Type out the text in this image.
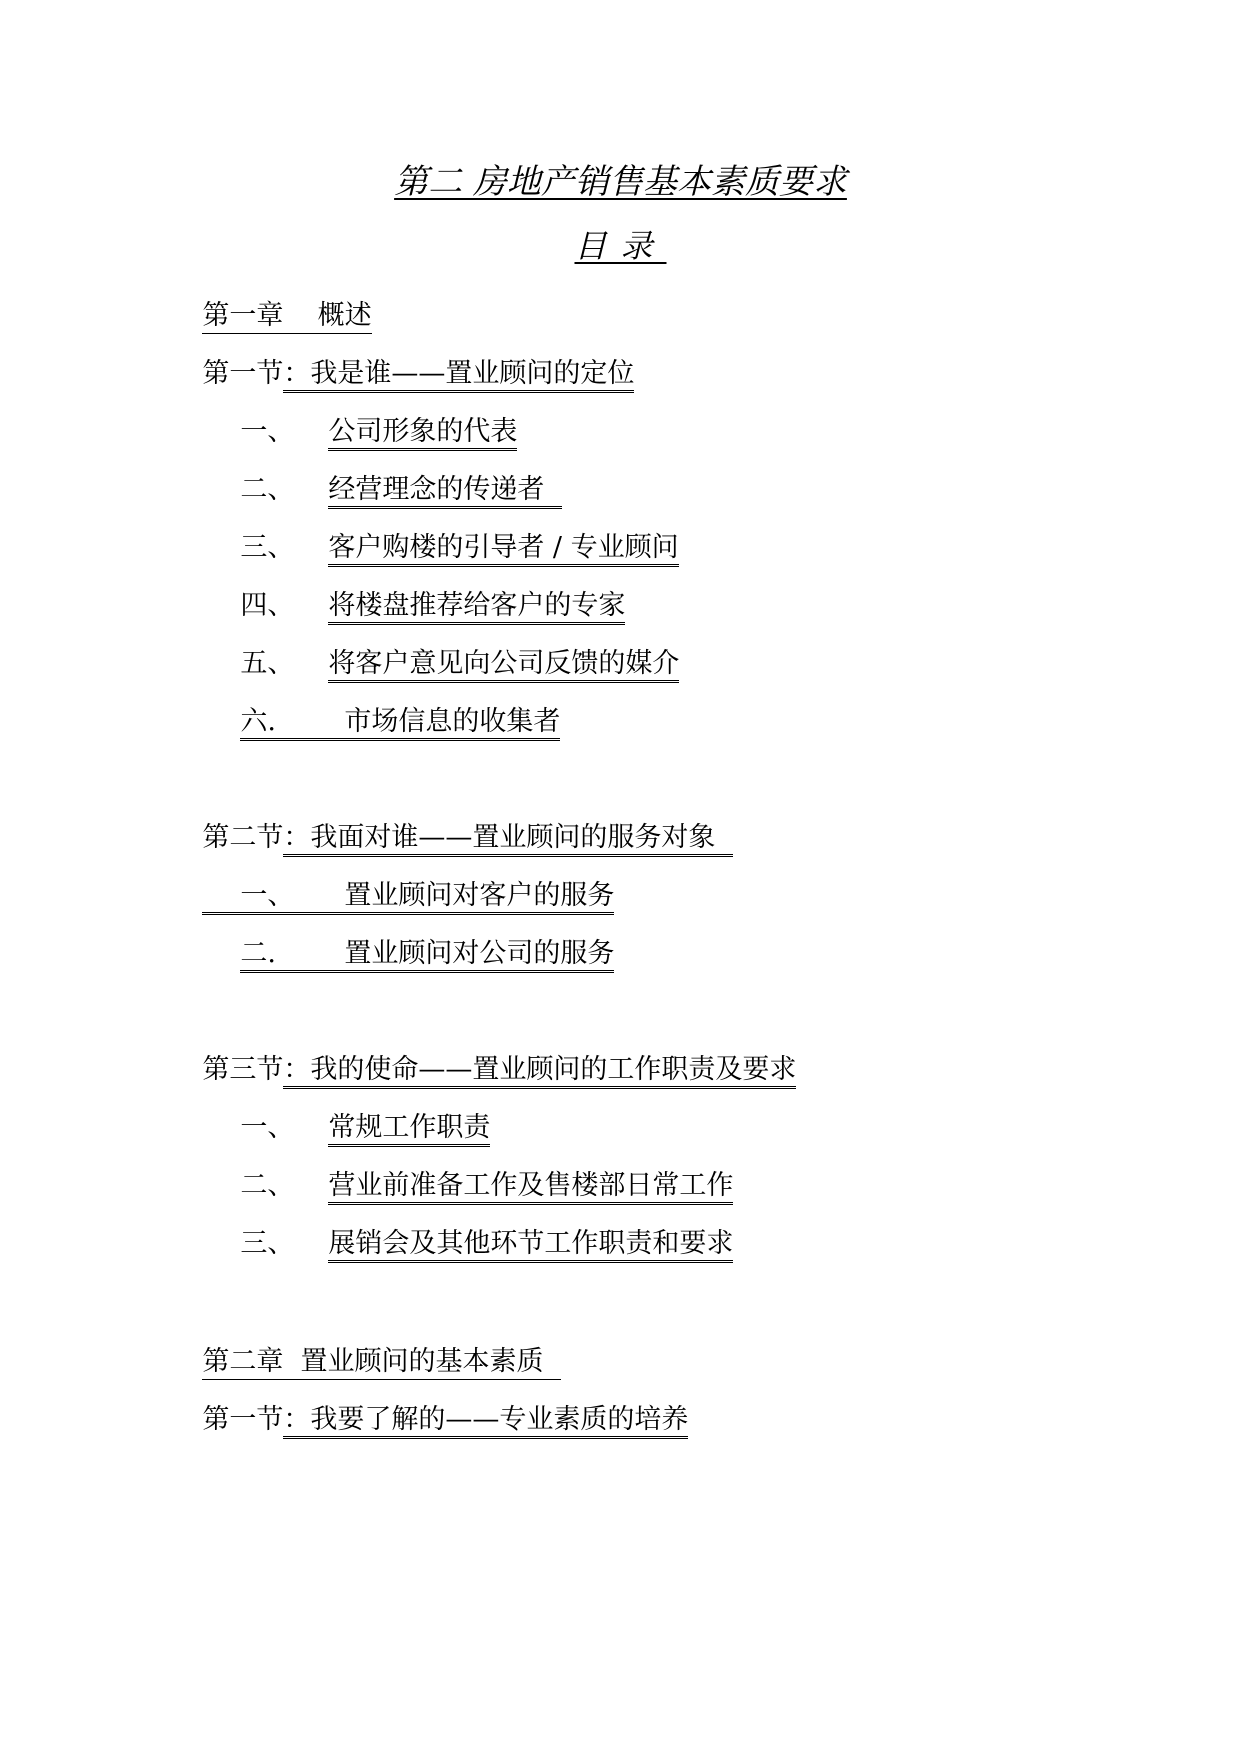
第二 房地产销售基本素质要求
目录

第一章    概述

第一节：我是谁——置业顾问的定位

一、 公司形象的代表

二、 经营理念的传递者

三、 客户购楼的引导者 / 专业顾问

四、 将楼盘推荐给客户的专家

五、 将客户意见向公司反馈的媒介

六.	市场信息的收集者

第二节：我面对谁——置业顾问的服务对象

一、 置业顾问对客户的服务

二.	置业顾问对公司的服务

第三节：我的使命——置业顾问的工作职责及要求

一、 常规工作职责

二、 营业前准备工作及售楼部日常工作

三、 展销会及其他环节工作职责和要求

第二章  置业顾问的基本素质

第一节：我要了解的——专业素质的培养
